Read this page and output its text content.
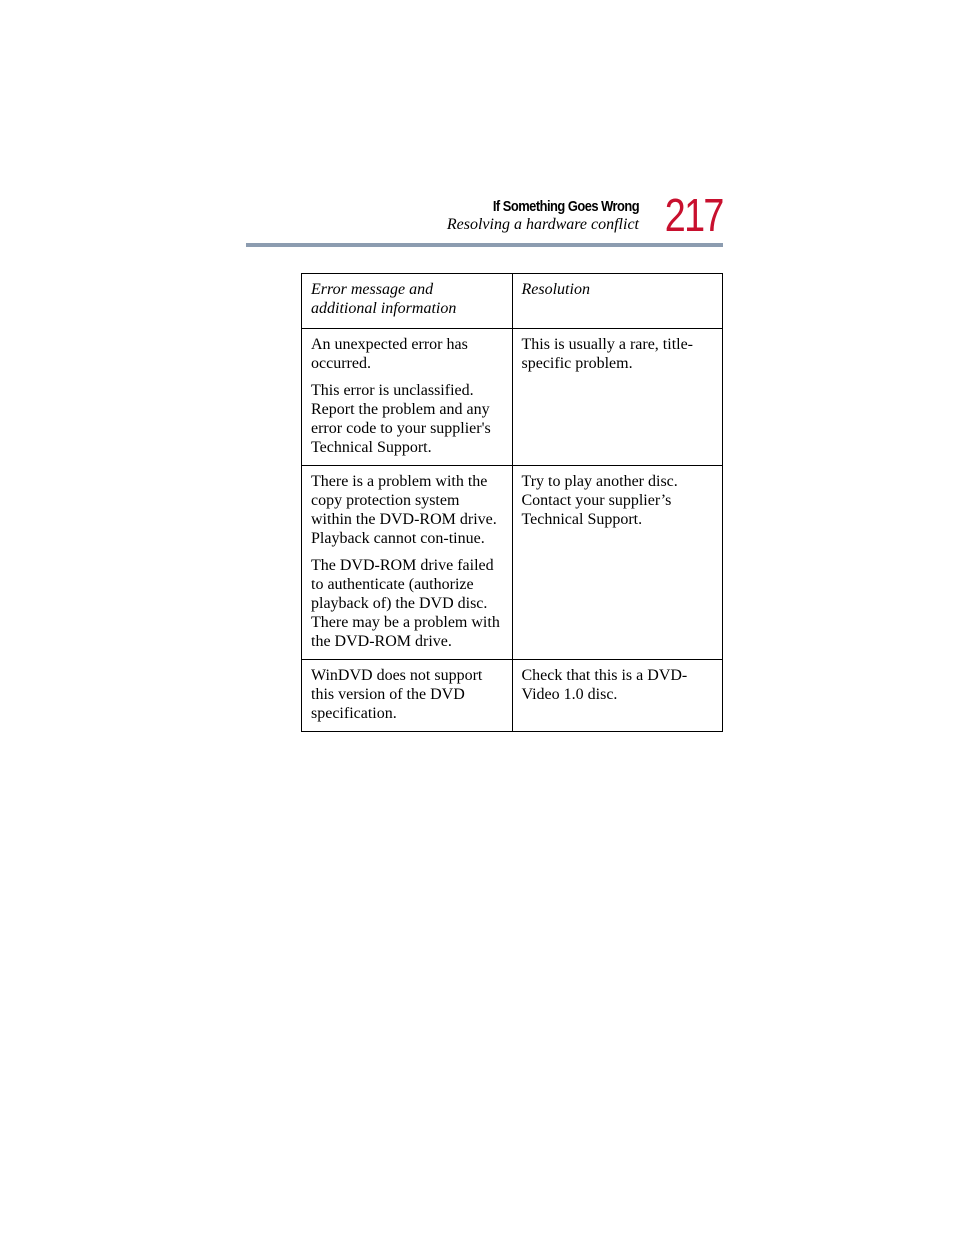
If Something Goes Wrong
Resolving a hardware conflict 217
Error message and additional information	Resolution

An unexpected error has occurred.

This error is unclassified. Report the problem and any error code to your supplier's Technical Support.	This is usually a rare, title-specific problem.

There is a problem with the copy protection system within the DVD-ROM drive. Playback cannot con-tinue.

The DVD-ROM drive failed to authenticate (authorize playback of) the DVD disc. There may be a problem with the DVD-ROM drive.	Try to play another disc. Contact your supplier’s Technical Support.

WinDVD does not support this version of the DVD specification.	Check that this is a DVD-Video 1.0 disc.
